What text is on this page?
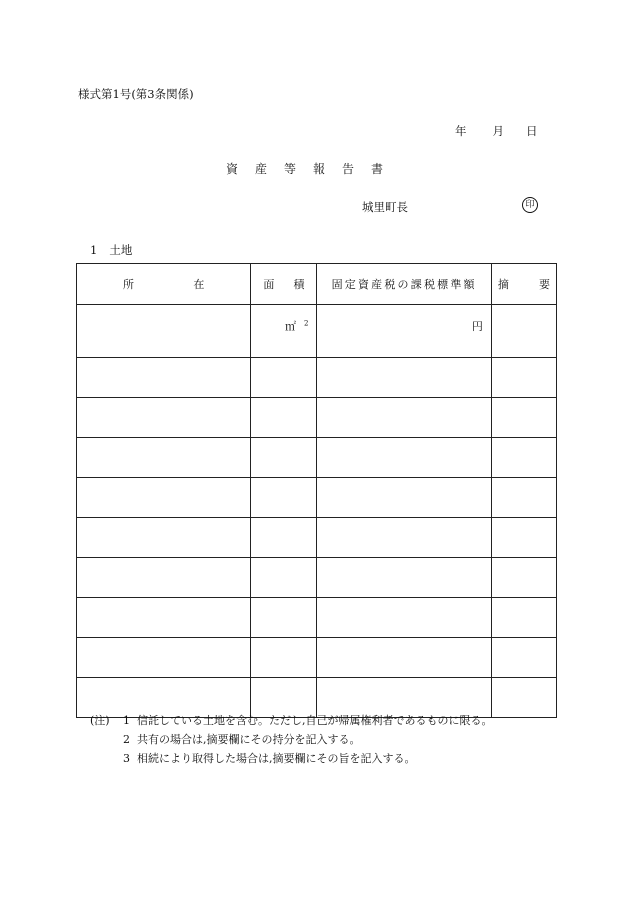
様式第1号(第3条関係)
年 月 日
資産等報告書
城里町長	印
1 土地
所 在	面 積	固定資産税の課税標準額	摘 要

	㎡ $^2$	円	

(注)	1 信託している土地を含む。ただし,自己が帰属権利者であるものに限る。
2 共有の場合は,摘要欄にその持分を記入する。
3 相続により取得した場合は,摘要欄にその旨を記入する。
